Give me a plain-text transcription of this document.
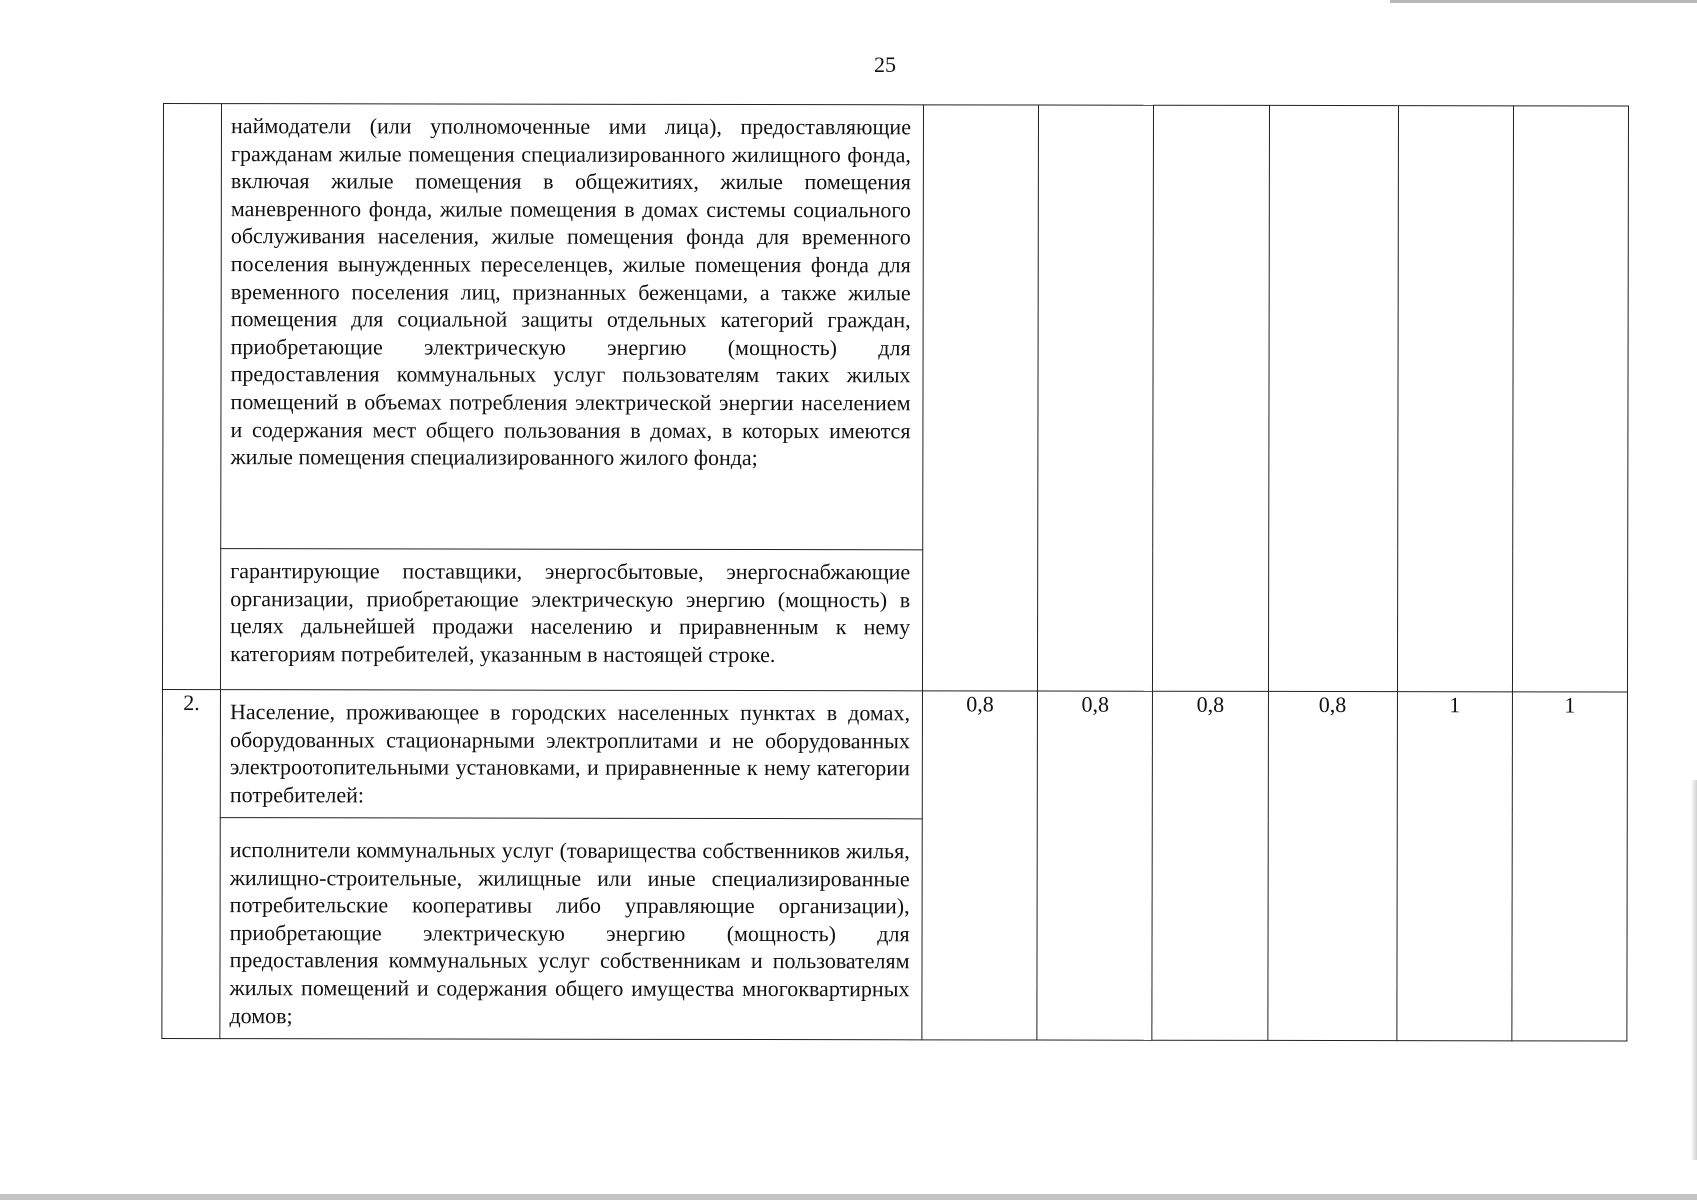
25

	наймодатели (или уполномоченные ими лица), предоставляющие гражданам жилые помещения специализированного жилищного фонда, включая жилые помещения в общежитиях, жилые помещения маневренного фонда, жилые помещения в домах системы социального обслуживания населения, жилые помещения фонда для временного поселения вынужденных переселенцев, жилые помещения фонда для временного поселения лиц, признанных беженцами, а также жилые помещения для социальной защиты отдельных категорий граждан, приобретающие электрическую энергию (мощность) для предоставления коммунальных услуг пользователям таких жилых помещений в объемах потребления электрической энергии населением и содержания мест общего пользования в домах, в которых имеются жилые помещения специализированного жилого фонда;						

	гарантирующие поставщики, энергосбытовые, энергоснабжающие организации, приобретающие электрическую энергию (мощность) в целях дальнейшей продажи населению и приравненным к нему категориям потребителей, указанным в настоящей строке.						

2.	Население, проживающее в городских населенных пунктах в домах, оборудованных стационарными электроплитами и не оборудованных электроотопительными установками, и приравненные к нему категории потребителей:	0,8	0,8	0,8	0,8	1	1

	исполнители коммунальных услуг (товарищества собственников жилья, жилищно-строительные, жилищные или иные специализированные потребительские кооперативы либо управляющие организации), приобретающие электрическую энергию (мощность) для предоставления коммунальных услуг собственникам и пользователям жилых помещений и содержания общего имущества многоквартирных домов;						
